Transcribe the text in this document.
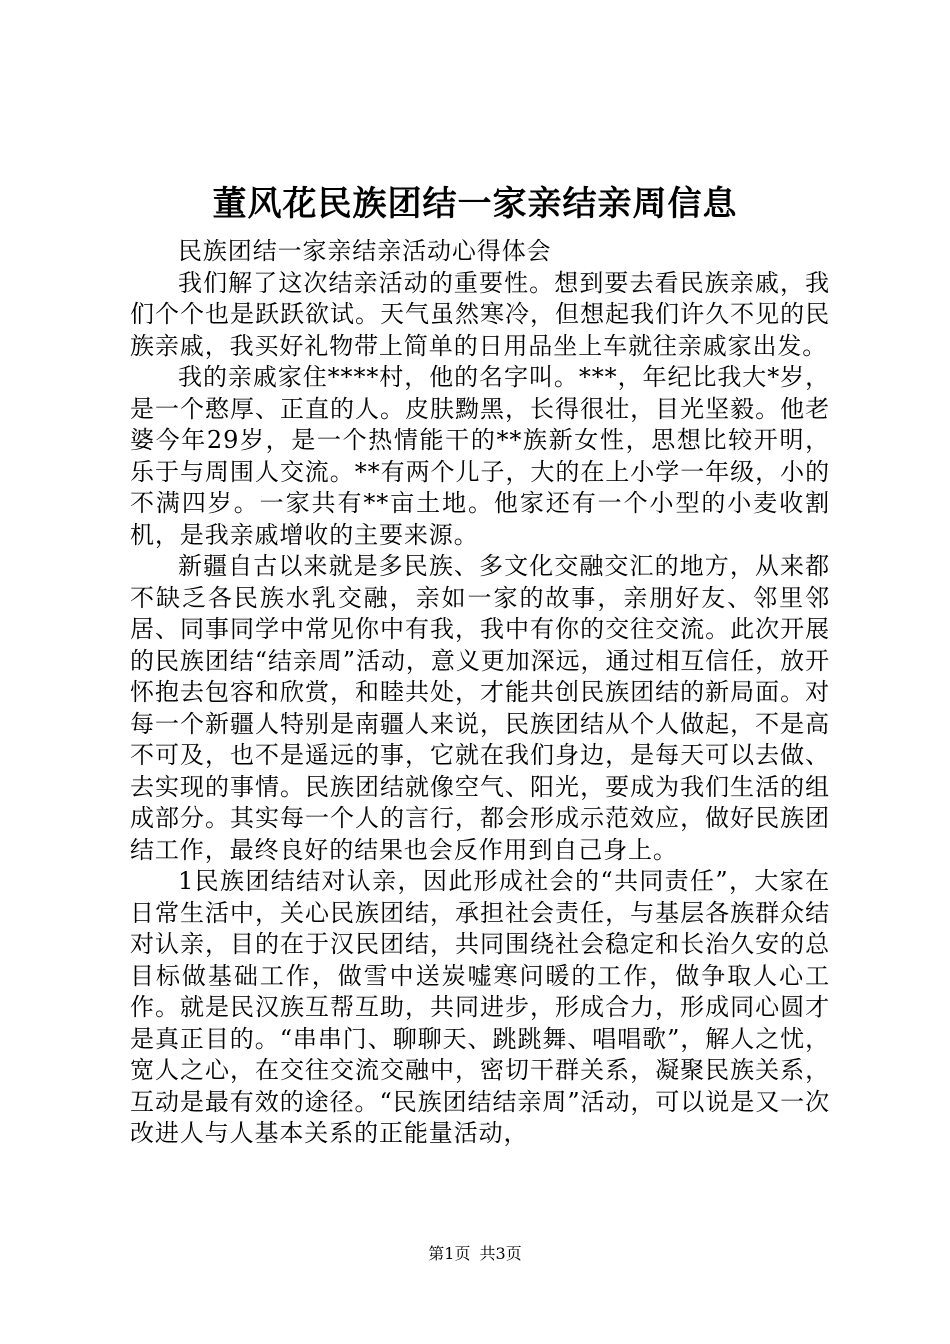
董风花民族团结一家亲结亲周信息

民族团结一家亲结亲活动心得体会

我们解了这次结亲活动的重要性。想到要去看民族亲戚，我们个个也是跃跃欲试。天气虽然寒冷，但想起我们许久不见的民族亲戚，我买好礼物带上简单的日用品坐上车就往亲戚家出发。

我的亲戚家住****村，他的名字叫。***，年纪比我大*岁，是一个憨厚、正直的人。皮肤黝黑，长得很壮，目光坚毅。他老婆今年29岁，是一个热情能干的**族新女性，思想比较开明，乐于与周围人交流。**有两个儿子，大的在上小学一年级，小的不满四岁。一家共有**亩土地。他家还有一个小型的小麦收割机，是我亲戚增收的主要来源。

新疆自古以来就是多民族、多文化交融交汇的地方，从来都不缺乏各民族水乳交融，亲如一家的故事，亲朋好友、邻里邻居、同事同学中常见你中有我，我中有你的交往交流。此次开展的民族团结“结亲周”活动，意义更加深远，通过相互信任，放开怀抱去包容和欣赏，和睦共处，才能共创民族团结的新局面。对每一个新疆人特别是南疆人来说，民族团结从个人做起，不是高不可及，也不是遥远的事，它就在我们身边，是每天可以去做、去实现的事情。民族团结就像空气、阳光，要成为我们生活的组成部分。其实每一个人的言行，都会形成示范效应，做好民族团结工作，最终良好的结果也会反作用到自己身上。

1民族团结结对认亲，因此形成社会的“共同责任”，大家在日常生活中，关心民族团结，承担社会责任，与基层各族群众结对认亲，目的在于汉民团结，共同围绕社会稳定和长治久安的总目标做基础工作，做雪中送炭嘘寒问暖的工作，做争取人心工作。就是民汉族互帮互助，共同进步，形成合力，形成同心圆才是真正目的。“串串门、聊聊天、跳跳舞、唱唱歌”，解人之忧，宽人之心，在交往交流交融中，密切干群关系，凝聚民族关系，互动是最有效的途径。“民族团结结亲周”活动，可以说是又一次改进人与人基本关系的正能量活动，

第1页 共3页
